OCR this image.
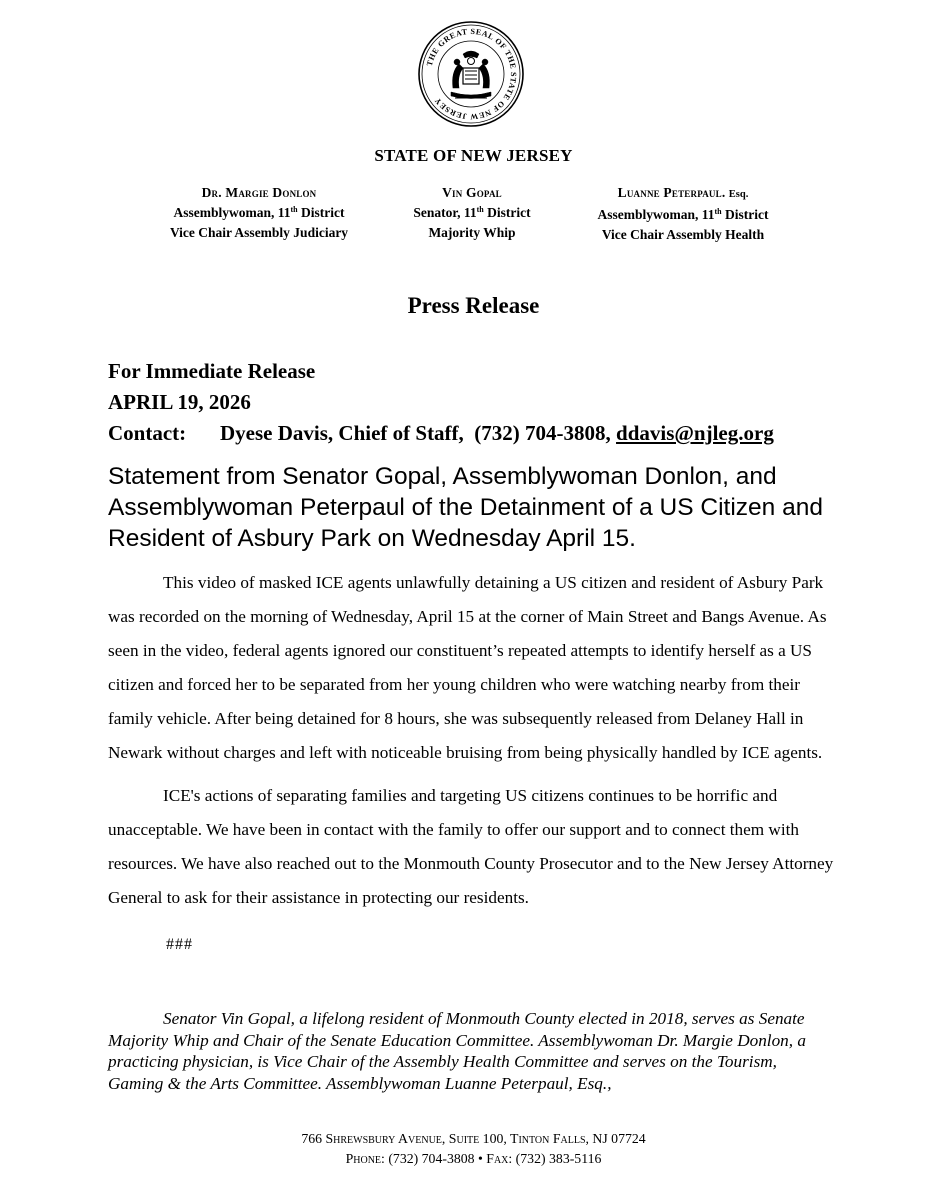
THE GREAT SEAL OF THE STATE OF NEW JERSEY
STATE OF NEW JERSEY
Dr. Margie Donlon
Assemblywoman, 11th District
Vice Chair Assembly Judiciary
Vin Gopal
Senator, 11th District
Majority Whip
Luanne Peterpaul. Esq.
Assemblywoman, 11th District
Vice Chair Assembly Health
Press Release
For Immediate Release
APRIL 19, 2026
Contact: Dyese Davis, Chief of Staff,  (732) 704-3808, ddavis@njleg.org
Statement from Senator Gopal, Assemblywoman Donlon, and Assemblywoman Peterpaul of the Detainment of a US Citizen and Resident of Asbury Park on Wednesday April 15.

This video of masked ICE agents unlawfully detaining a US citizen and resident of Asbury Park was recorded on the morning of Wednesday, April 15 at the corner of Main Street and Bangs Avenue. As seen in the video, federal agents ignored our constituent’s repeated attempts to identify herself as a US citizen and forced her to be separated from her young children who were watching nearby from their family vehicle. After being detained for 8 hours, she was subsequently released from Delaney Hall in Newark without charges and left with noticeable bruising from being physically handled by ICE agents.

ICE's actions of separating families and targeting US citizens continues to be horrific and unacceptable. We have been in contact with the family to offer our support and to connect them with resources. We have also reached out to the Monmouth County Prosecutor and to the New Jersey Attorney General to ask for their assistance in protecting our residents.

###
Senator Vin Gopal, a lifelong resident of Monmouth County elected in 2018, serves as Senate Majority Whip and Chair of the Senate Education Committee. Assemblywoman Dr. Margie Donlon, a practicing physician, is Vice Chair of the Assembly Health Committee and serves on the Tourism, Gaming & the Arts Committee. Assemblywoman Luanne Peterpaul, Esq.,
766 Shrewsbury Avenue, Suite 100, Tinton Falls, NJ 07724
Phone: (732) 704-3808 • Fax: (732) 383-5116
